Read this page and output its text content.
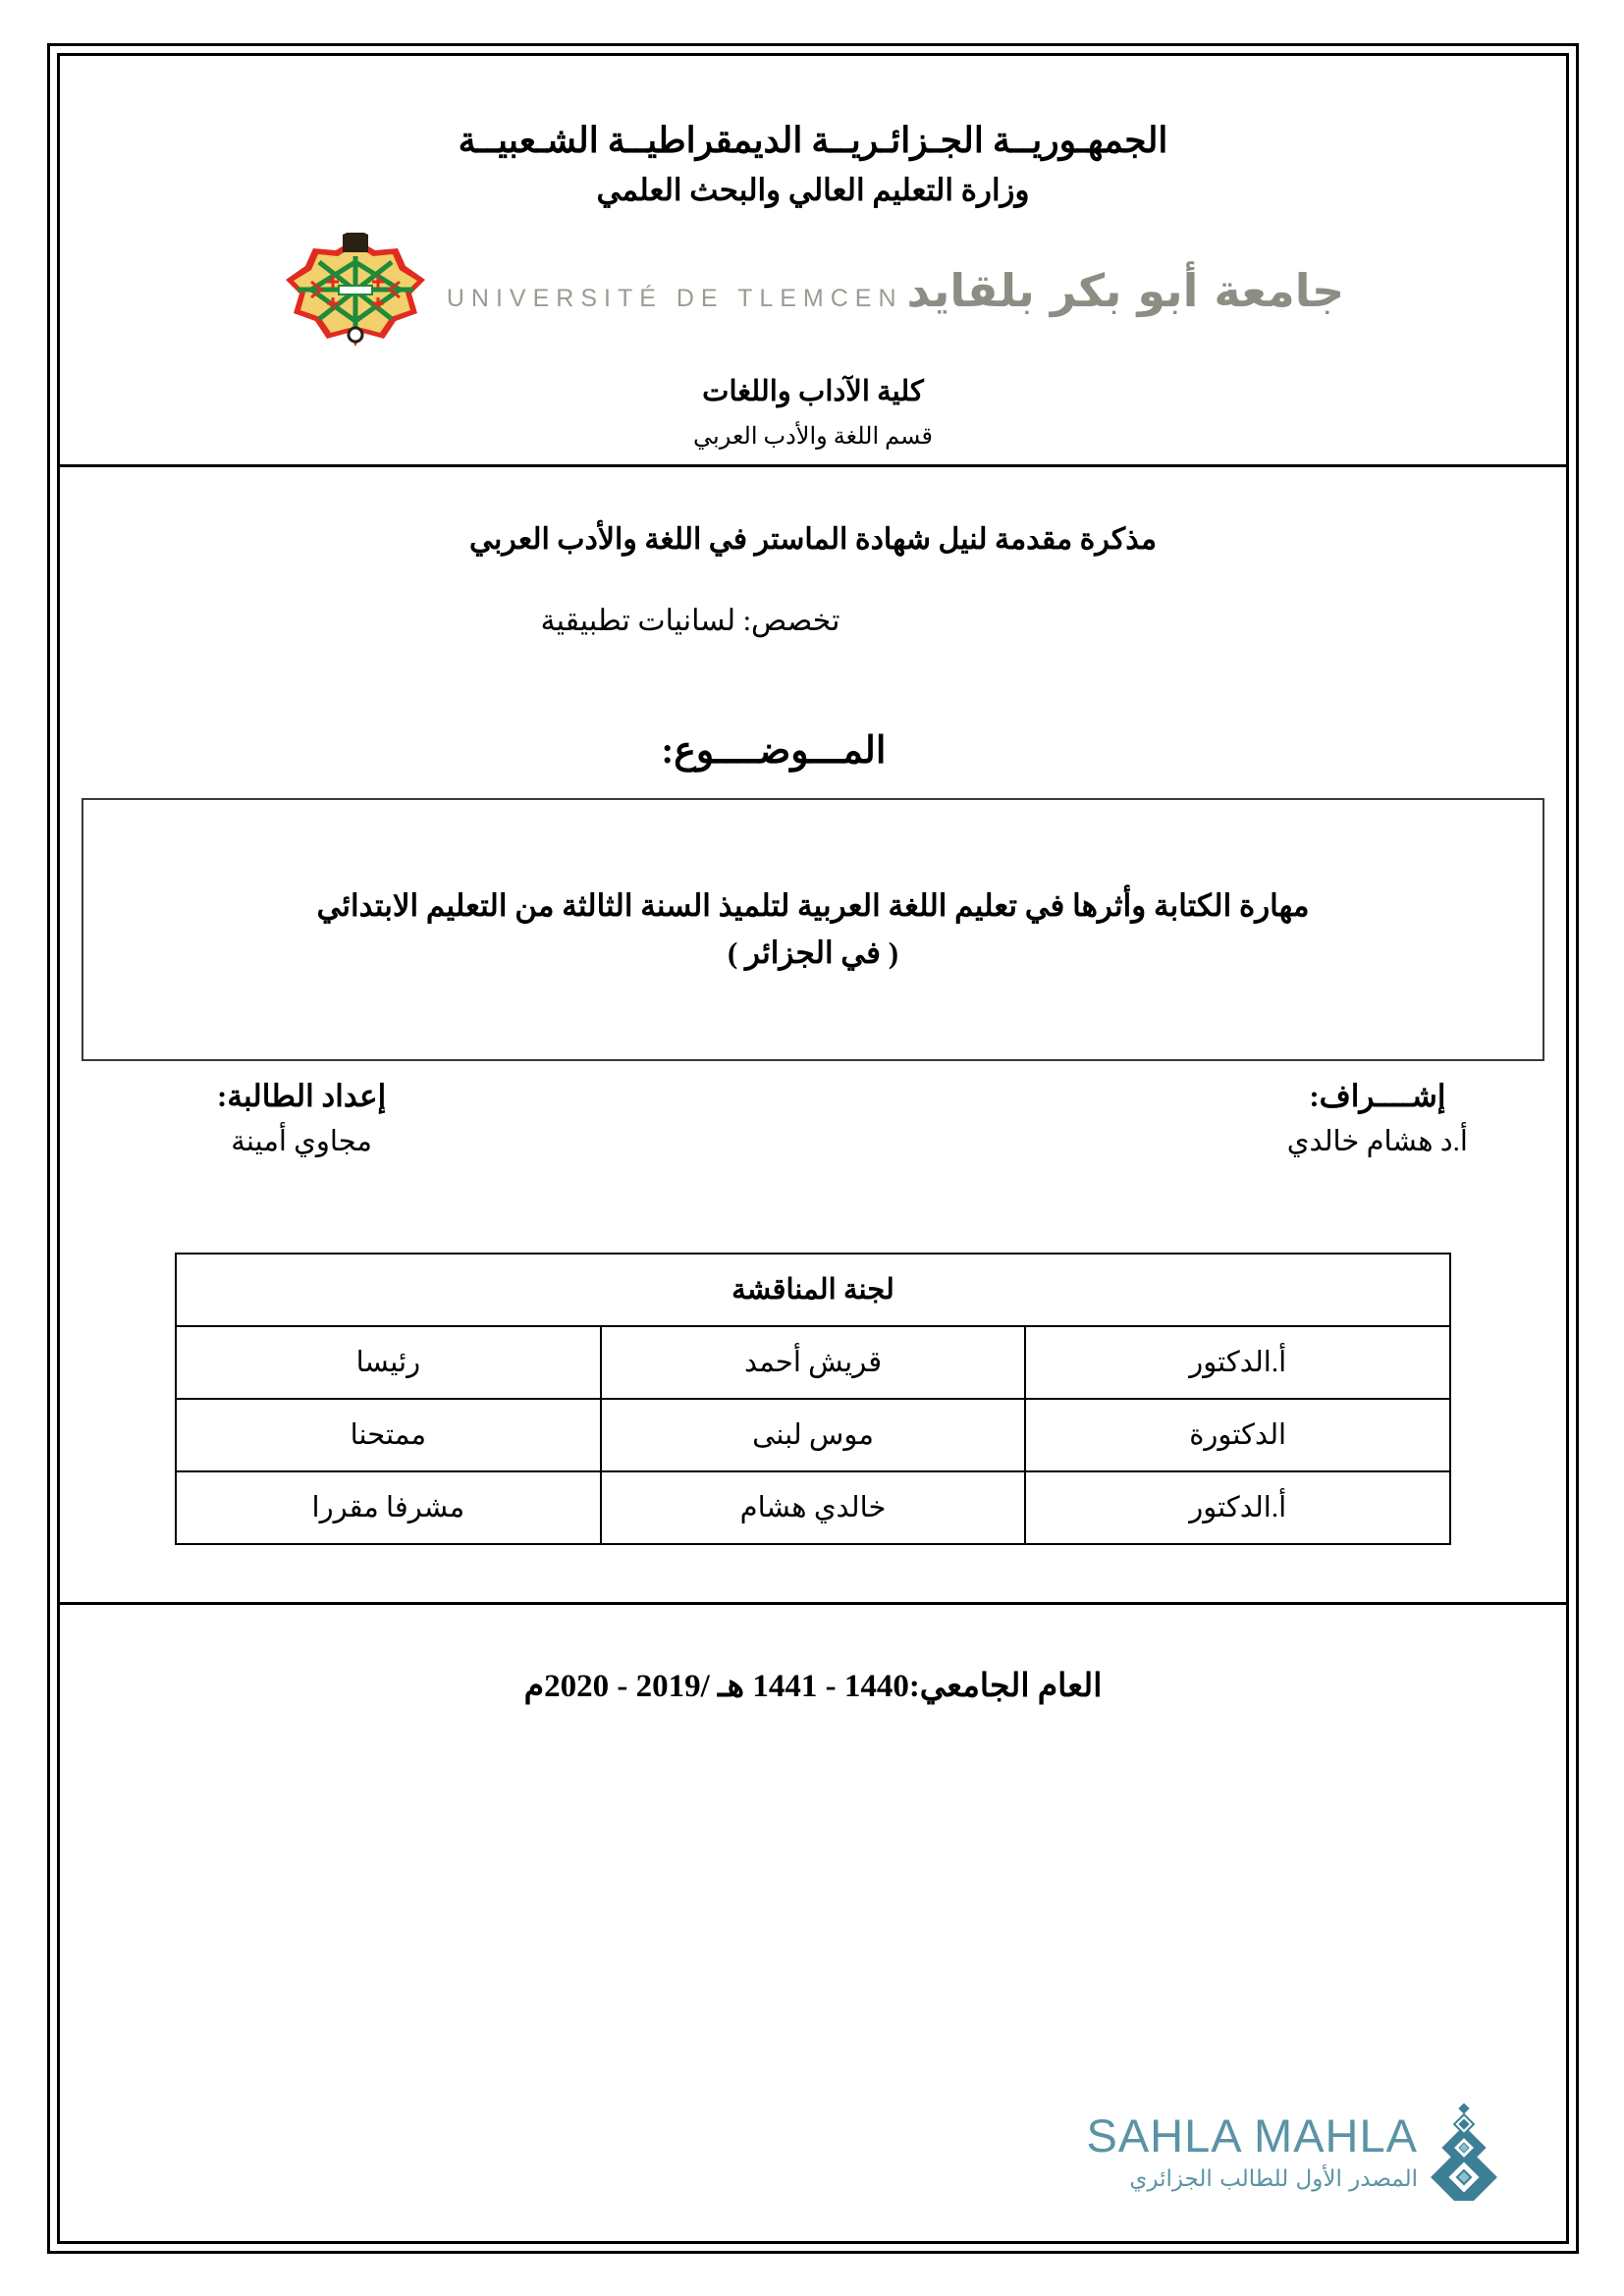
الجمهـوريــة الجـزائـريــة الديمقراطيــة الشـعبيــة
وزارة التعليم العالي والبحث العلمي
جامعة أبو بكر بلقايد UNIVERSITÉ DE TLEMCEN
كلية الآداب واللغات
قسم اللغة والأدب العربي
مذكرة مقدمة لنيل شهادة الماستر في اللغة والأدب العربي
تخصص: لسانيات تطبيقية
المـــوضــــوع:
مهارة الكتابة وأثرها في تعليم اللغة العربية لتلميذ السنة الثالثة من التعليم الابتدائي
( في الجزائر )
إشــــراف:
أ.د هشام خالدي
إعداد الطالبة:
مجاوي أمينة
لجنة المناقشة		
أ.الدكتور	قريش أحمد	رئيسا
الدكتورة	موس لبنى	ممتحنا
أ.الدكتور	خالدي هشام	مشرفا مقررا
العام الجامعي:1440 - 1441 هـ /2019 - 2020م
SAHLA MAHLA
المصدر الأول للطالب الجزائري
